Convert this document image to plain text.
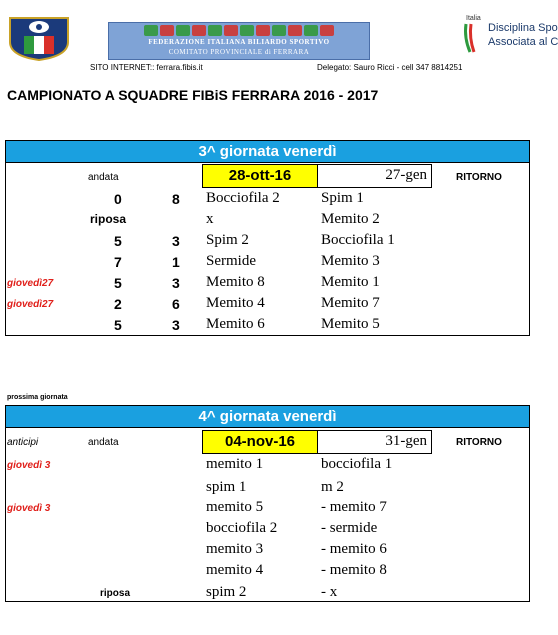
FEDERAZIONE ITALIANA BILIARDO SPORTIVO
COMITATO PROVINCIALE di FERRARA
Italia
Disciplina Spo
Associata al C
SITO INTERNET:: ferrara.fibis.it	Delegato: Sauro Ricci - cell 347 8814251
CAMPIONATO A SQUADRE FIBiS FERRARA 2016 - 2017
3^ giornata venerdì
andata	28-ott-16	27-gen	RITORNO
0	8 Bocciofila 2	Spim 1
riposa	x	Memito 2
5	3 Spim 2	Bocciofila 1
7	1 Sermide	Memito 3
giovedì27	5	3 Memito 8	Memito 1
giovedì27	2	6 Memito 4	Memito 7
5	3 Memito 6	Memito 5
prossima giornata
4^ giornata venerdì
anticipi	andata	04-nov-16	31-gen	RITORNO
giovedì 3	memito 1	bocciofila 1
spim 1	m 2
giovedì 3	memito 5	- memito 7
bocciofila 2	- sermide
memito 3	- memito 6
memito 4	- memito 8
riposa	spim 2	- x
